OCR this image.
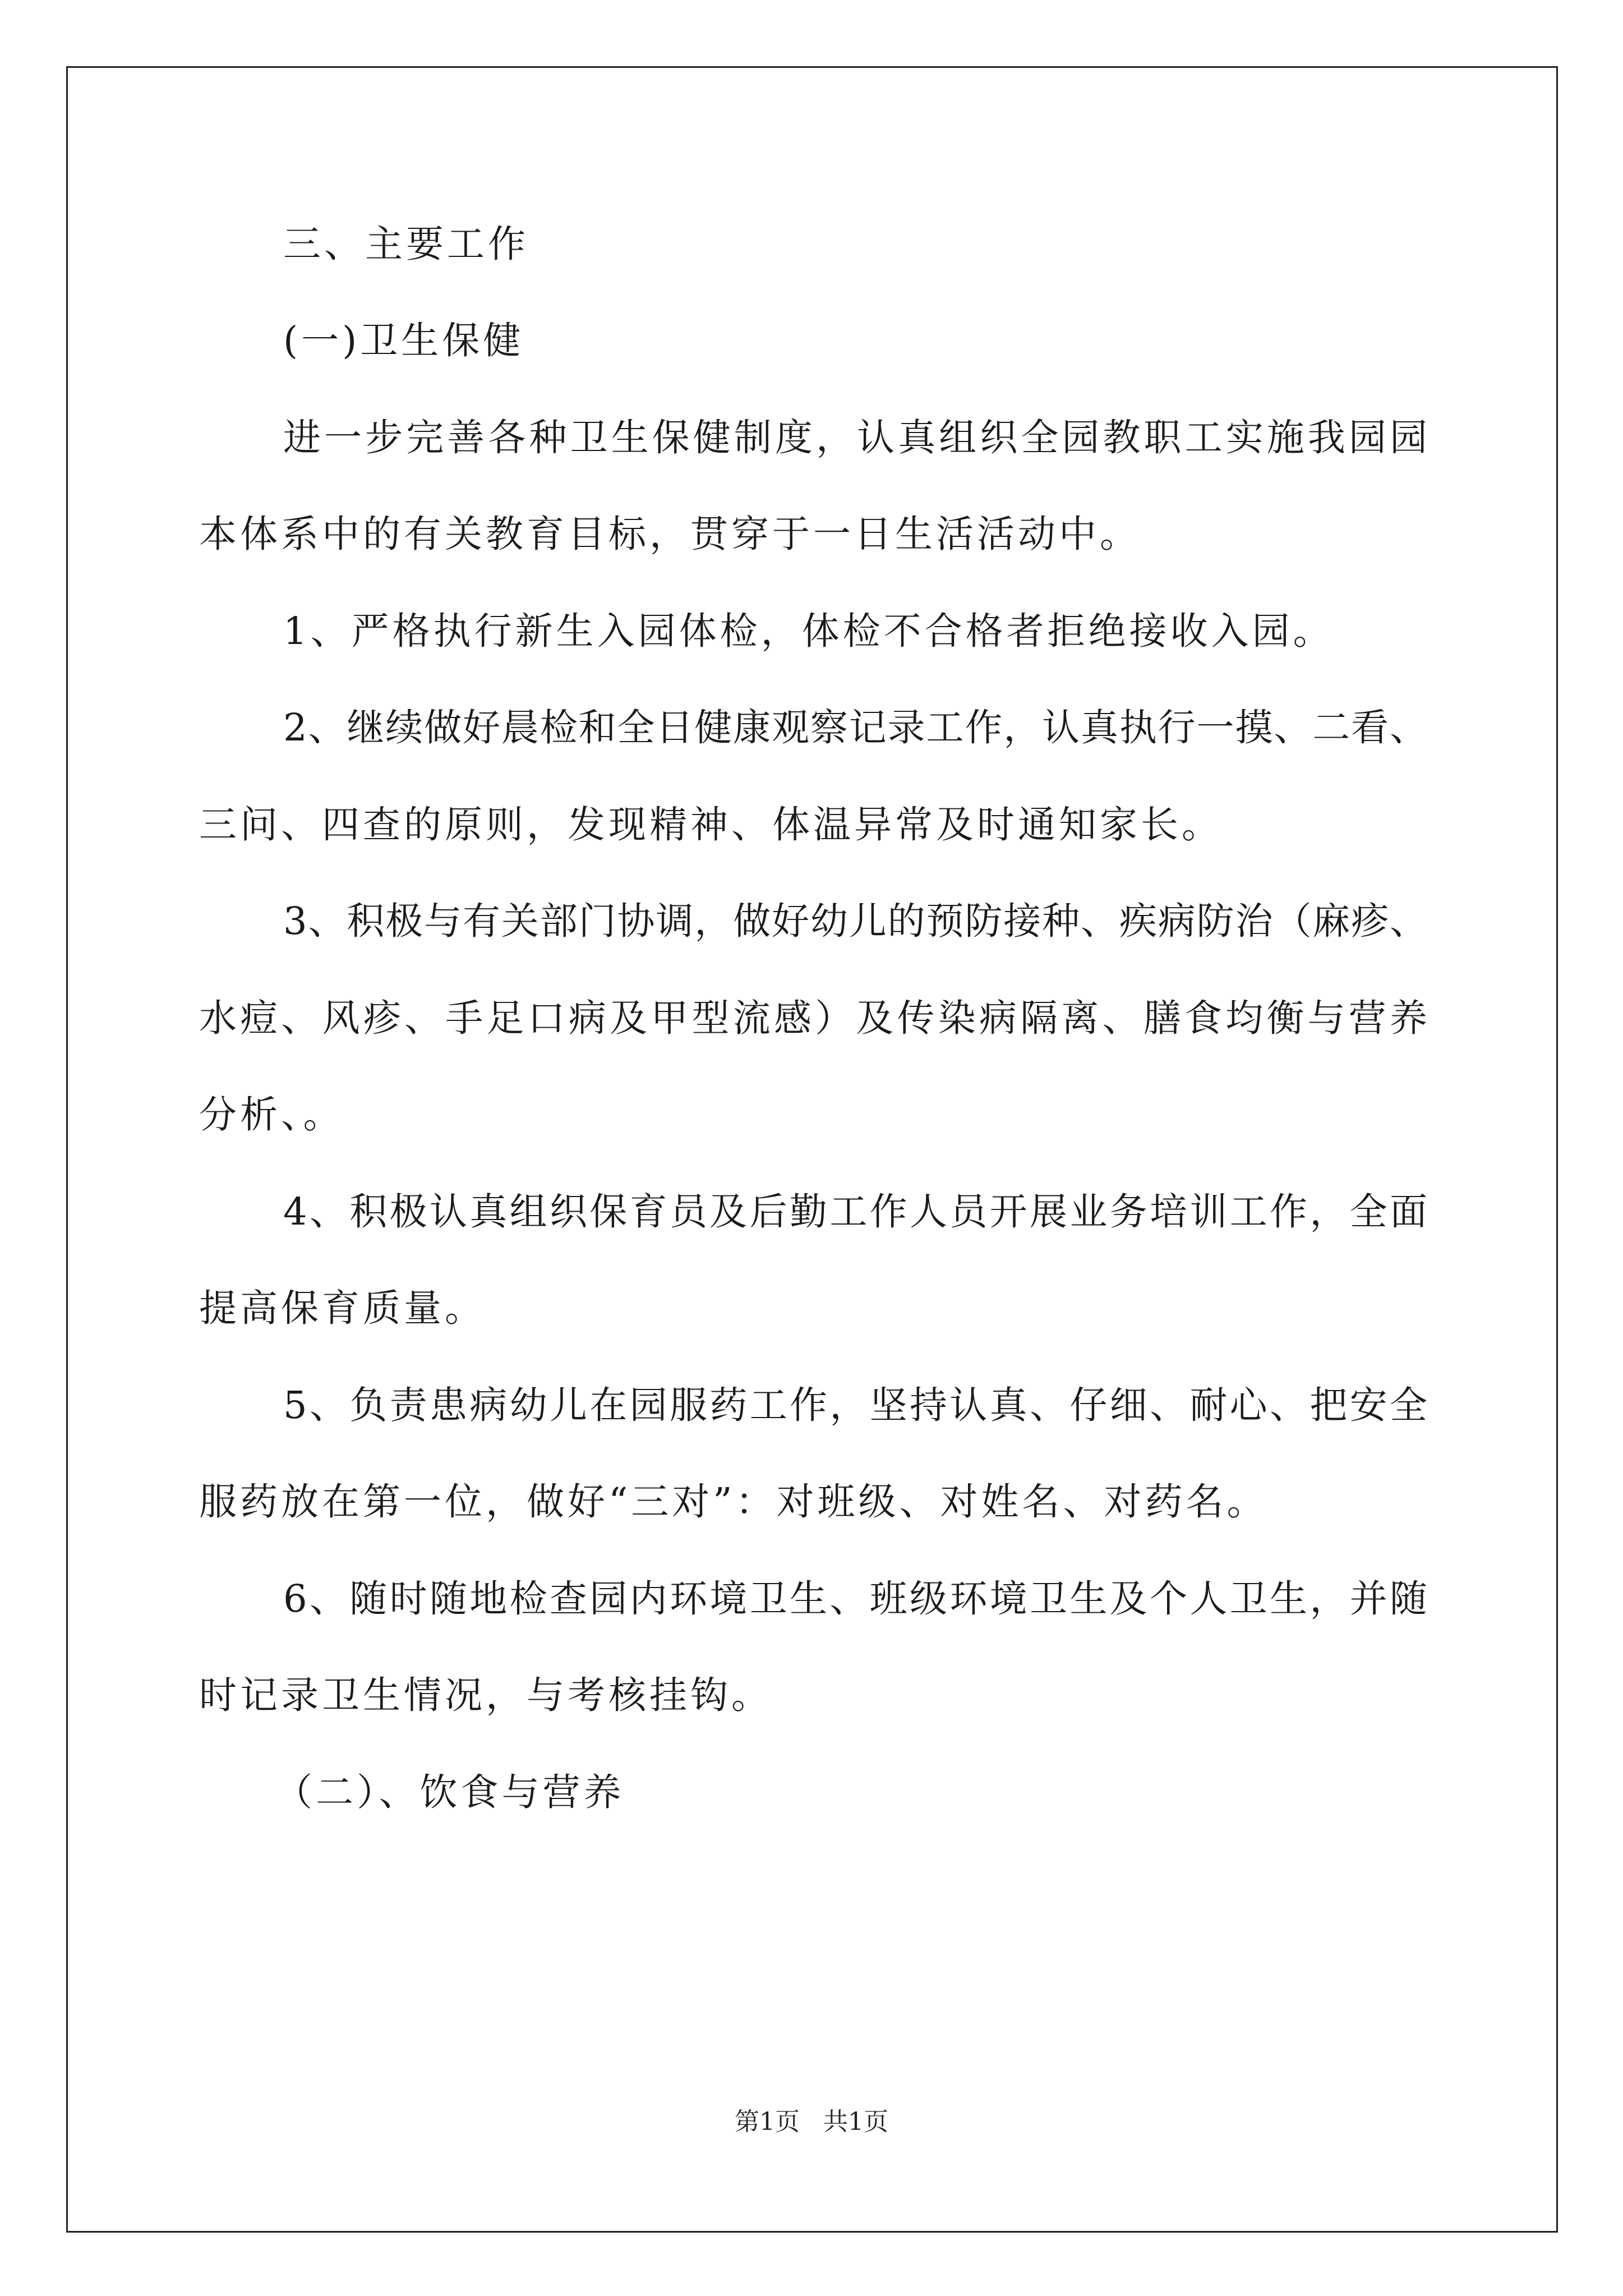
三、主要工作
(一)卫生保健
进一步完善各种卫生保健制度，认真组织全园教职工实施我园园
本体系中的有关教育目标，贯穿于一日生活活动中。
1、严格执行新生入园体检，体检不合格者拒绝接收入园。
2、继续做好晨检和全日健康观察记录工作，认真执行一摸、二看、
三问、四查的原则，发现精神、体温异常及时通知家长。
3、积极与有关部门协调，做好幼儿的预防接种、疾病防治（麻疹、
水痘、风疹、手足口病及甲型流感）及传染病隔离、膳食均衡与营养
分析、。
4、积极认真组织保育员及后勤工作人员开展业务培训工作，全面
提高保育质量。
5、负责患病幼儿在园服药工作，坚持认真、仔细、耐心、把安全
服药放在第一位，做好“三对”：对班级、对姓名、对药名。
6、随时随地检查园内环境卫生、班级环境卫生及个人卫生，并随
时记录卫生情况，与考核挂钩。
（二）、饮食与营养
第1页 共1页
